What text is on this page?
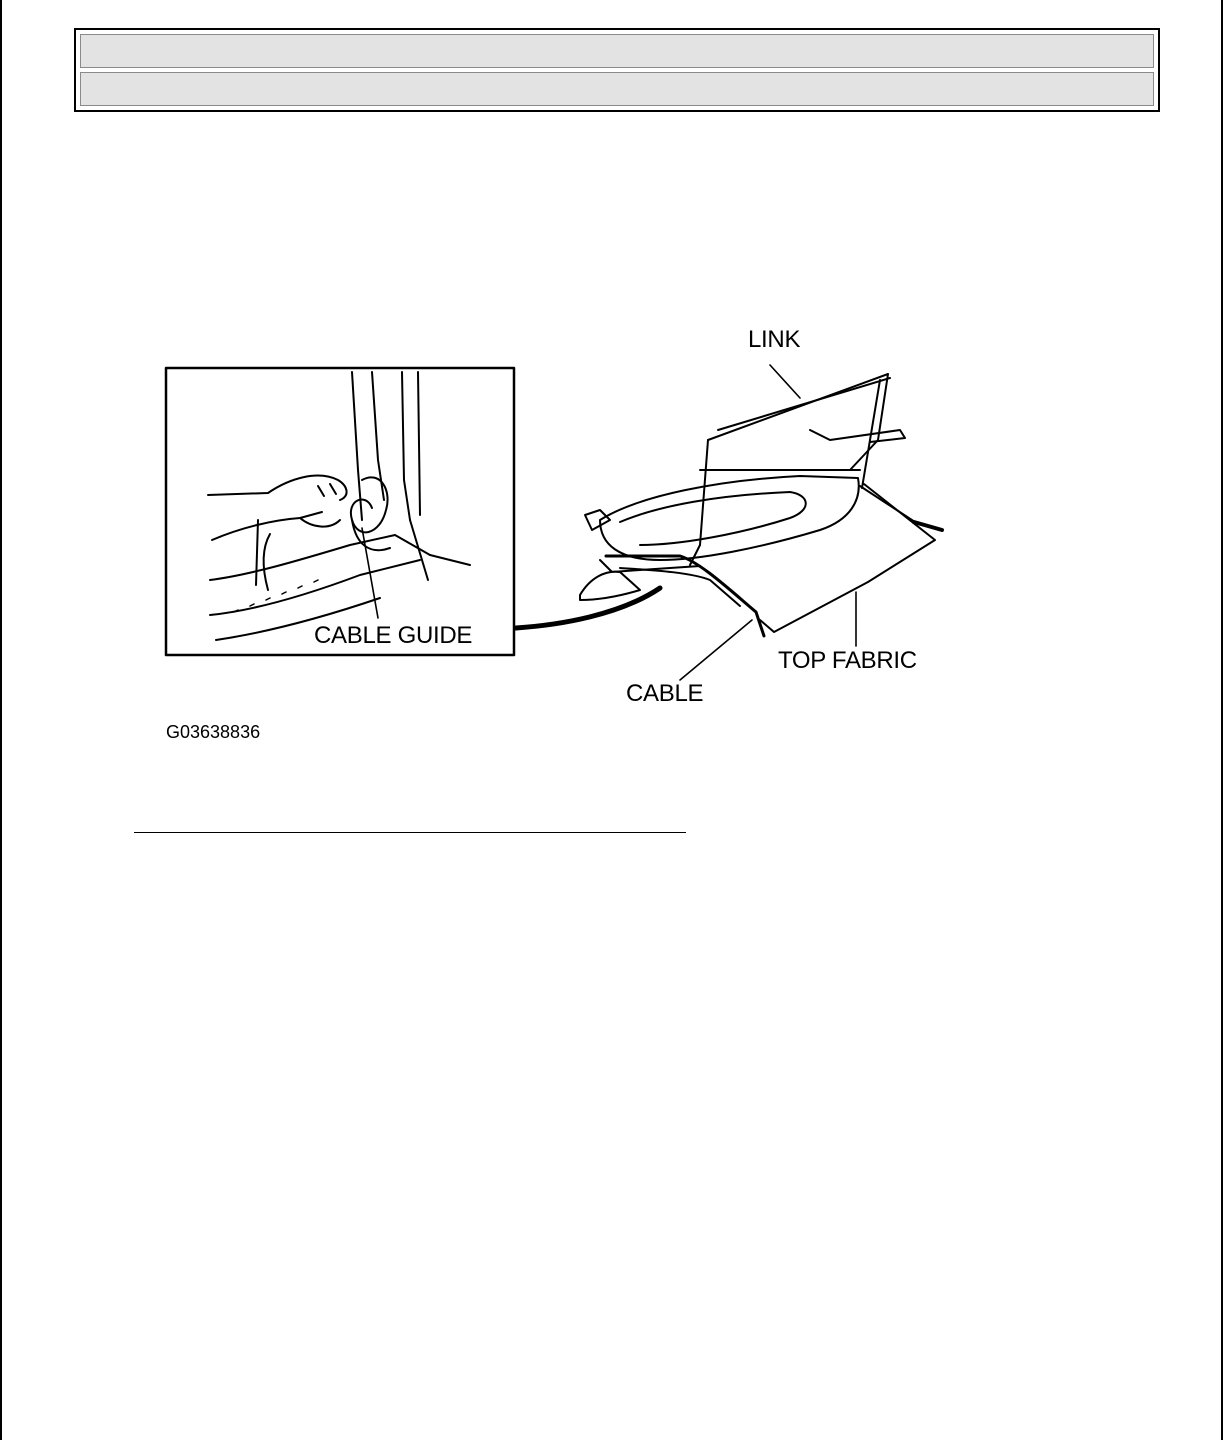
LINK
CABLE GUIDE
TOP FABRIC
CABLE
G03638836
